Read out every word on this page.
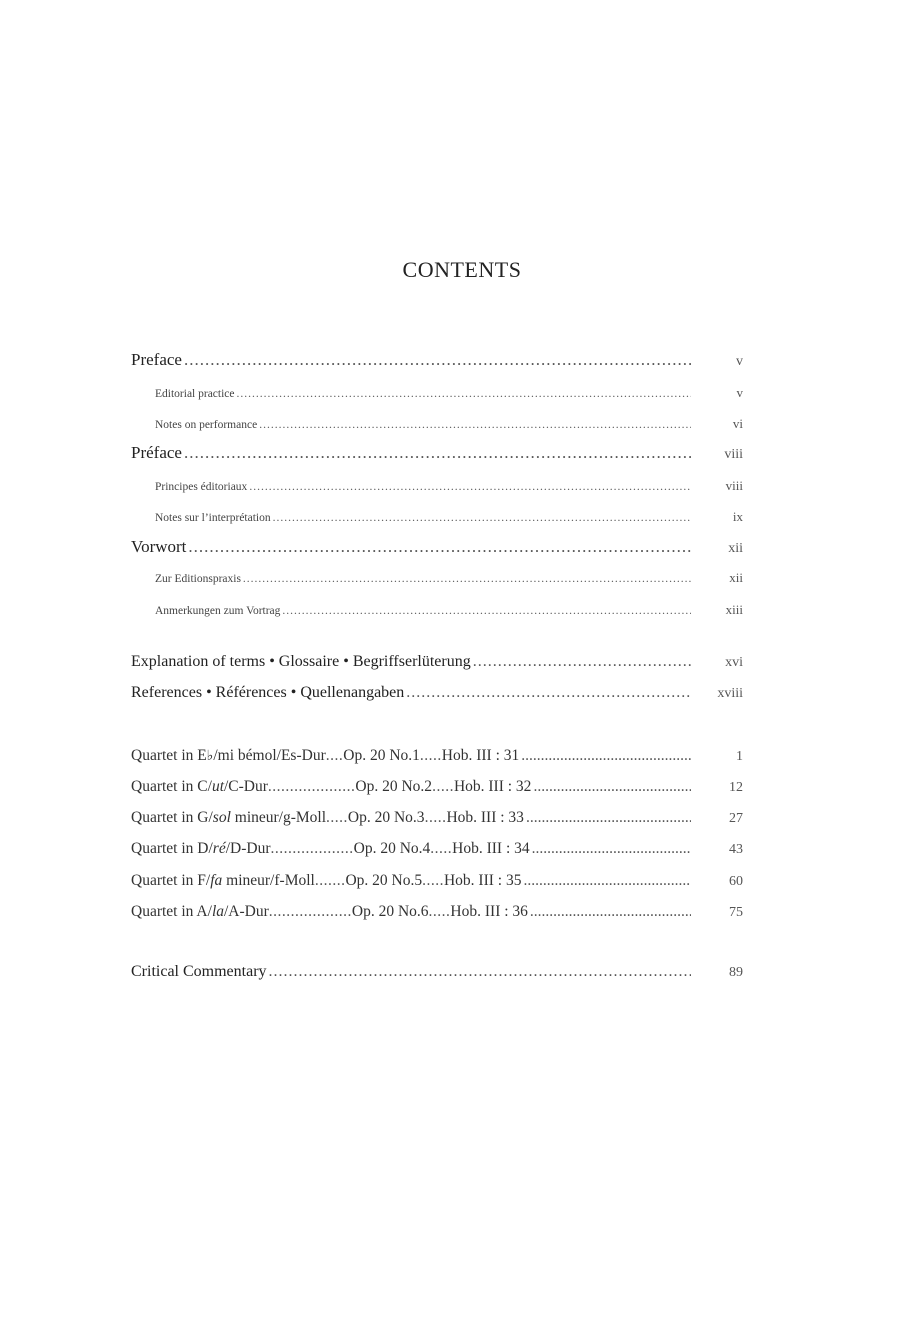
CONTENTS
Preface .....	v
Editorial practice .....	v
Notes on performance .....	vi
Préface .....	viii
Principes éditoriaux .....	viii
Notes sur l’interprétation .....	ix
Vorwort .....	xii
Zur Editionspraxis .....	xii
Anmerkungen zum Vortrag .....	xiii
Explanation of terms • Glossaire • Begriffserlüterung .....	xvi
References • Références • Quellenangaben .....	xviii
Quartet in E♭/mi bémol/Es-Dur .... Op. 20 No.1 ..... Hob. III : 31 .....	1
Quartet in C/ut/C-Dur .................... Op. 20 No.2 ..... Hob. III : 32 .....	12
Quartet in G/sol mineur/g-Moll ..... Op. 20 No.3 ..... Hob. III : 33 .....	27
Quartet in D/ré/D-Dur ................... Op. 20 No.4 ..... Hob. III : 34 .....	43
Quartet in F/fa mineur/f-Moll ....... Op. 20 No.5 ..... Hob. III : 35 .....	60
Quartet in A/la/A-Dur ................... Op. 20 No.6 ..... Hob. III : 36 .....	75
Critical Commentary .....	89
